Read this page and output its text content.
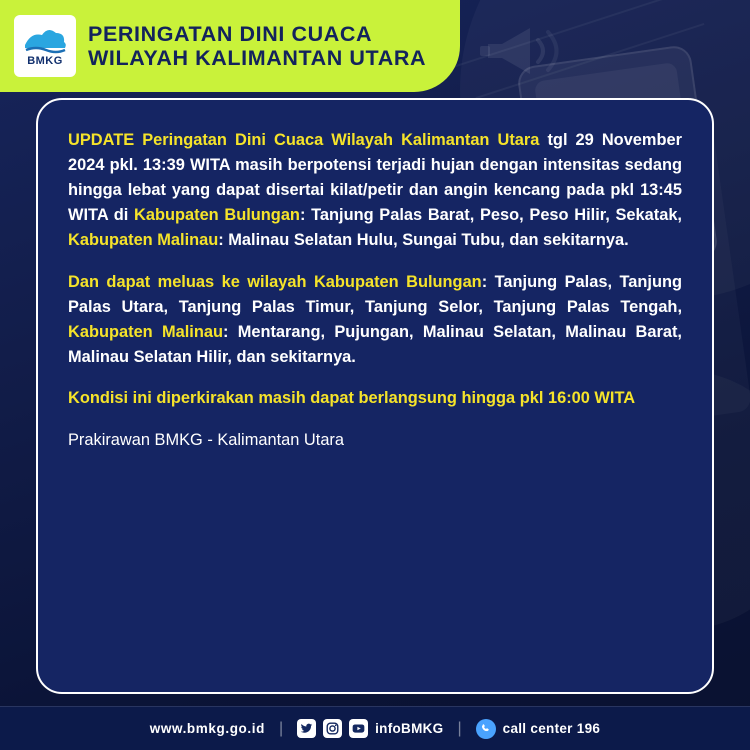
BMKG
PERINGATAN DINI CUACA
WILAYAH KALIMANTAN UTARA

UPDATE Peringatan Dini Cuaca Wilayah Kalimantan Utara tgl 29 November 2024 pkl. 13:39 WITA masih berpotensi terjadi hujan dengan intensitas sedang hingga lebat yang dapat disertai kilat/petir dan angin kencang pada pkl 13:45 WITA di Kabupaten Bulungan: Tanjung Palas Barat, Peso, Peso Hilir, Sekatak, Kabupaten Malinau: Malinau Selatan Hulu, Sungai Tubu, dan sekitarnya.

Dan dapat meluas ke wilayah Kabupaten Bulungan: Tanjung Palas, Tanjung Palas Utara, Tanjung Palas Timur, Tanjung Selor, Tanjung Palas Tengah, Kabupaten Malinau: Mentarang, Pujungan, Malinau Selatan, Malinau Barat, Malinau Selatan Hilir, dan sekitarnya.

Kondisi ini diperkirakan masih dapat berlangsung hingga pkl 16:00 WITA

Prakirawan BMKG - Kalimantan Utara

www.bmkg.go.id |	infoBMKG |	call center 196
